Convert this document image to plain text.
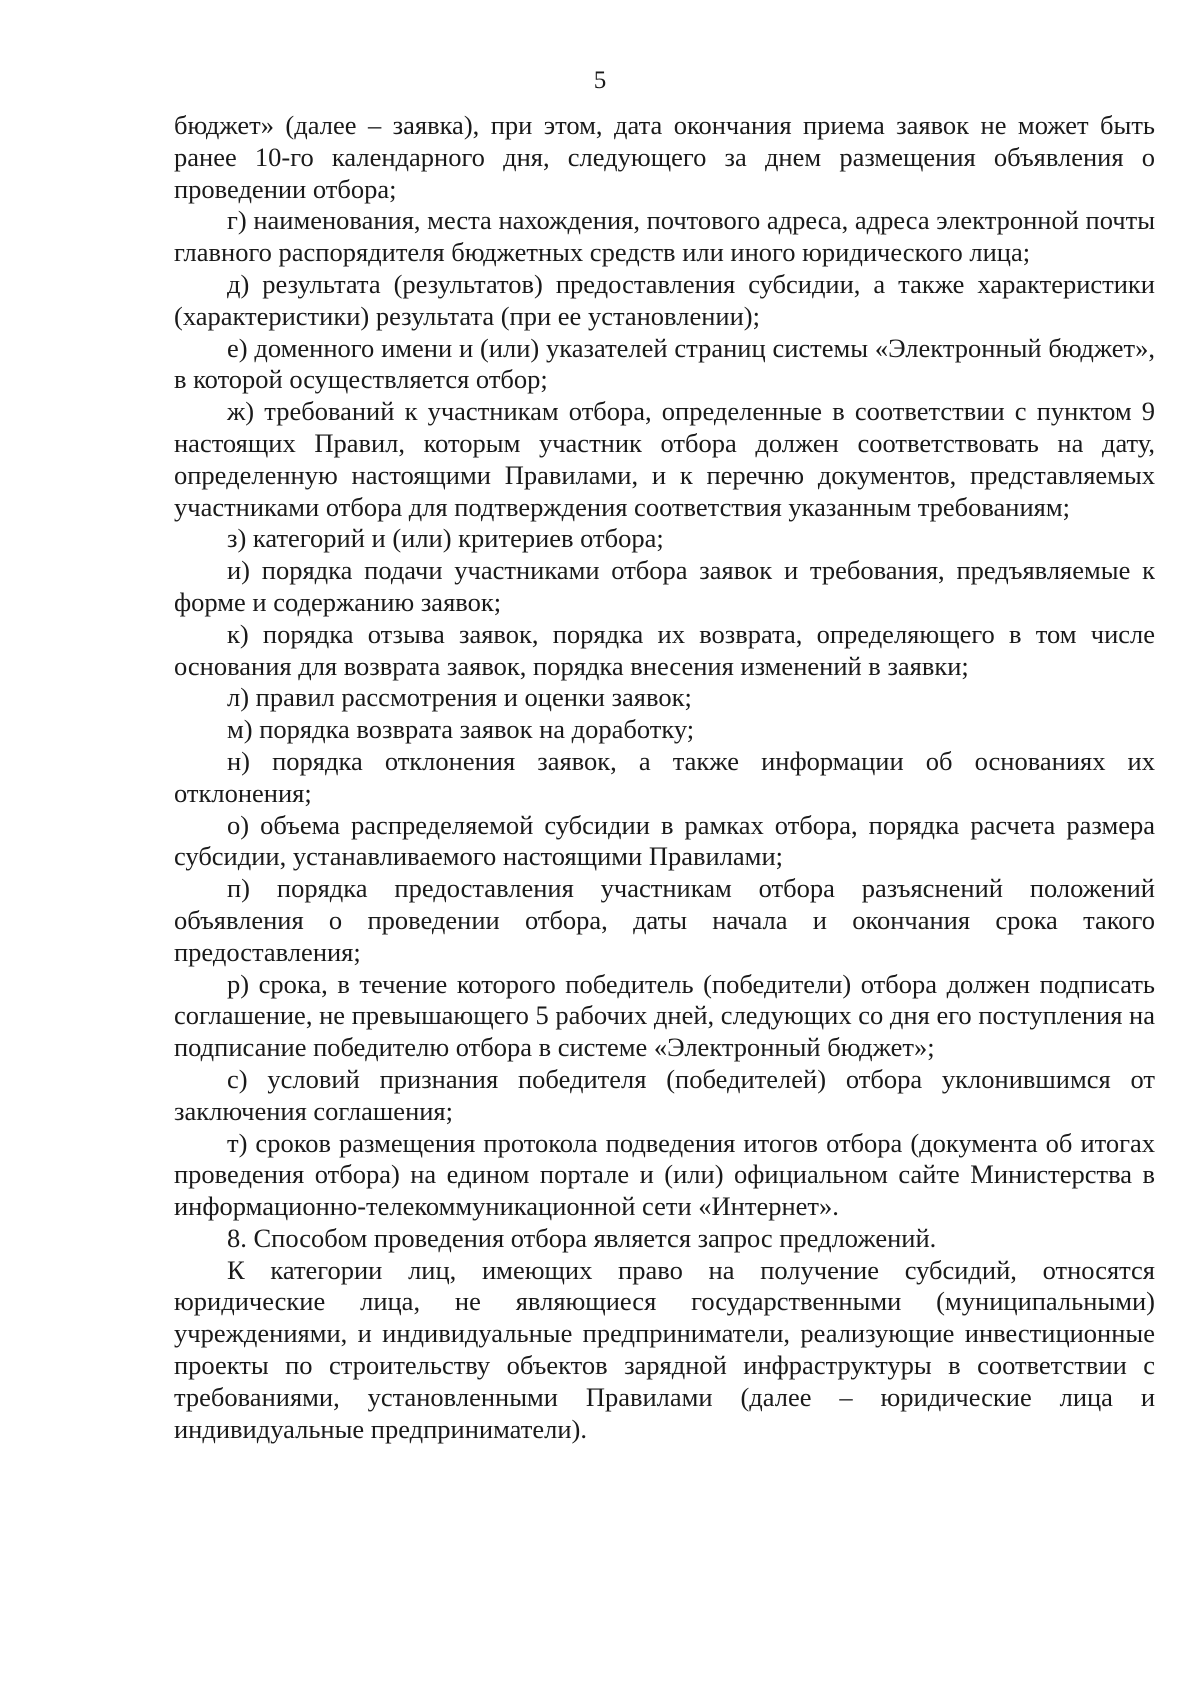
5

бюджет» (далее – заявка), при этом, дата окончания приема заявок не может быть ранее 10-го календарного дня, следующего за днем размещения объявления о проведении отбора;

г) наименования, места нахождения, почтового адреса, адреса электронной почты главного распорядителя бюджетных средств или иного юридического лица;

д) результата (результатов) предоставления субсидии, а также характеристики (характеристики) результата (при ее установлении);

е) доменного имени и (или) указателей страниц системы «Электронный бюджет», в которой осуществляется отбор;

ж) требований к участникам отбора, определенные в соответствии с пунктом 9 настоящих Правил, которым участник отбора должен соответствовать на дату, определенную настоящими Правилами, и к перечню документов, представляемых участниками отбора для подтверждения соответствия указанным требованиям;

з) категорий и (или) критериев отбора;

и) порядка подачи участниками отбора заявок и требования, предъявляемые к форме и содержанию заявок;

к) порядка отзыва заявок, порядка их возврата, определяющего в том числе основания для возврата заявок, порядка внесения изменений в заявки;

л) правил рассмотрения и оценки заявок;

м) порядка возврата заявок на доработку;

н) порядка отклонения заявок, а также информации об основаниях их отклонения;

о) объема распределяемой субсидии в рамках отбора, порядка расчета размера субсидии, устанавливаемого настоящими Правилами;

п) порядка предоставления участникам отбора разъяснений положений объявления о проведении отбора, даты начала и окончания срока такого предоставления;

р) срока, в течение которого победитель (победители) отбора должен подписать соглашение, не превышающего 5 рабочих дней, следующих со дня его поступления на подписание победителю отбора в системе «Электронный бюджет»;

с) условий признания победителя (победителей) отбора уклонившимся от заключения соглашения;

т) сроков размещения протокола подведения итогов отбора (документа об итогах проведения отбора) на едином портале и (или) официальном сайте Министерства в информационно-телекоммуникационной сети «Интернет».

8. Способом проведения отбора является запрос предложений.

К категории лиц, имеющих право на получение субсидий, относятся юридические лица, не являющиеся государственными (муниципальными) учреждениями, и индивидуальные предприниматели, реализующие инвестиционные проекты по строительству объектов зарядной инфраструктуры в соответствии с требованиями, установленными Правилами (далее – юридические лица и индивидуальные предприниматели).
